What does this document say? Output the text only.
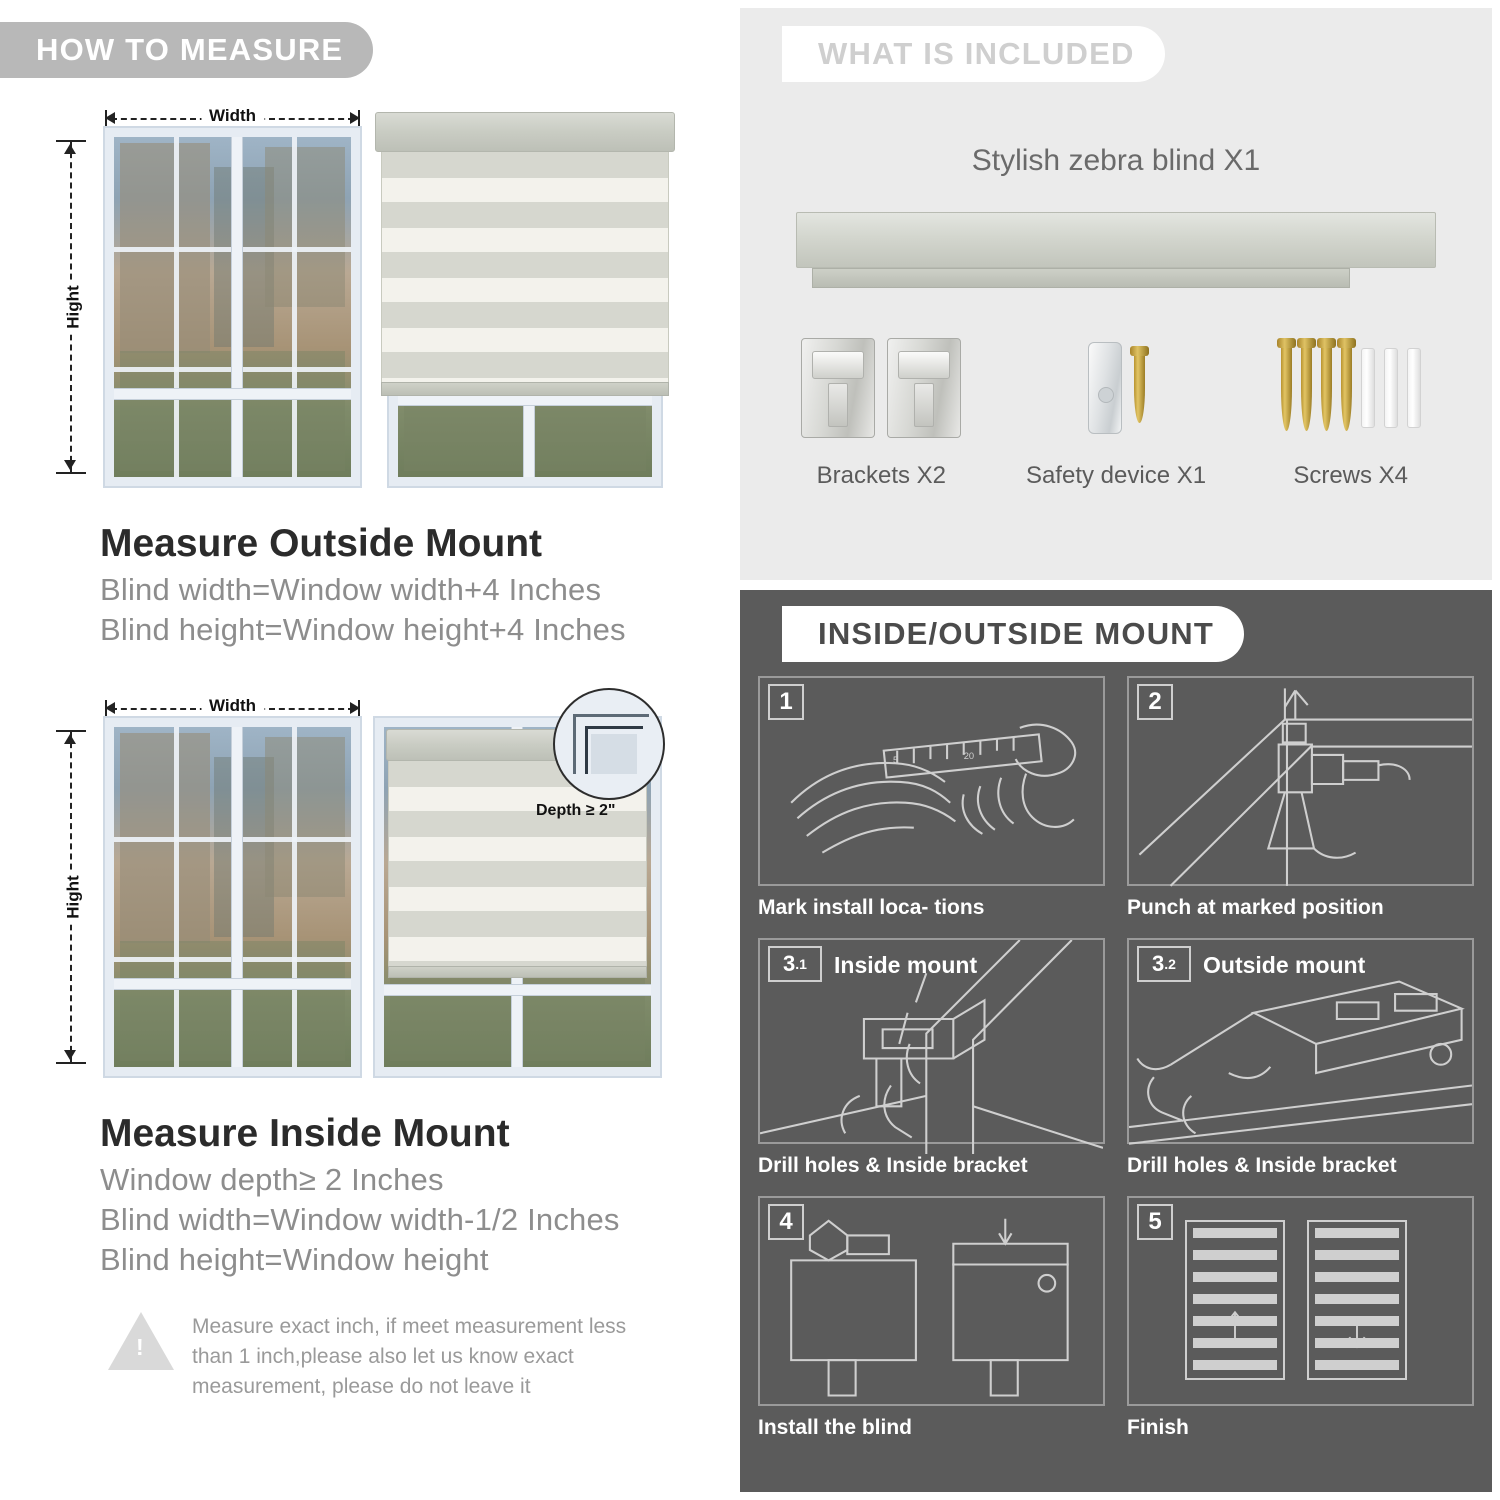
HOW TO MEASURE
Width
Hight
Measure Outside Mount
Blind width=Window width+4 Inches
Blind height=Window height+4 Inches
Width
Hight
Depth ≥ 2"
Measure Inside Mount
Window depth≥ 2 Inches
Blind width=Window width-1/2 Inches
Blind height=Window height
!
Measure exact inch, if meet measurement less than 1 inch,please also let us know exact measurement, please do not leave it
WHAT IS INCLUDED
Stylish zebra blind X1
Brackets X2	Safety device X1	Screws X4
INSIDE/OUTSIDE MOUNT
1
5	20
Mark install loca- tions
2
Punch at marked position
3 .1 Inside mount
Drill holes & Inside bracket
3 .2 Outside mount
Drill holes & Inside bracket
4
Install the blind
5
Finish
